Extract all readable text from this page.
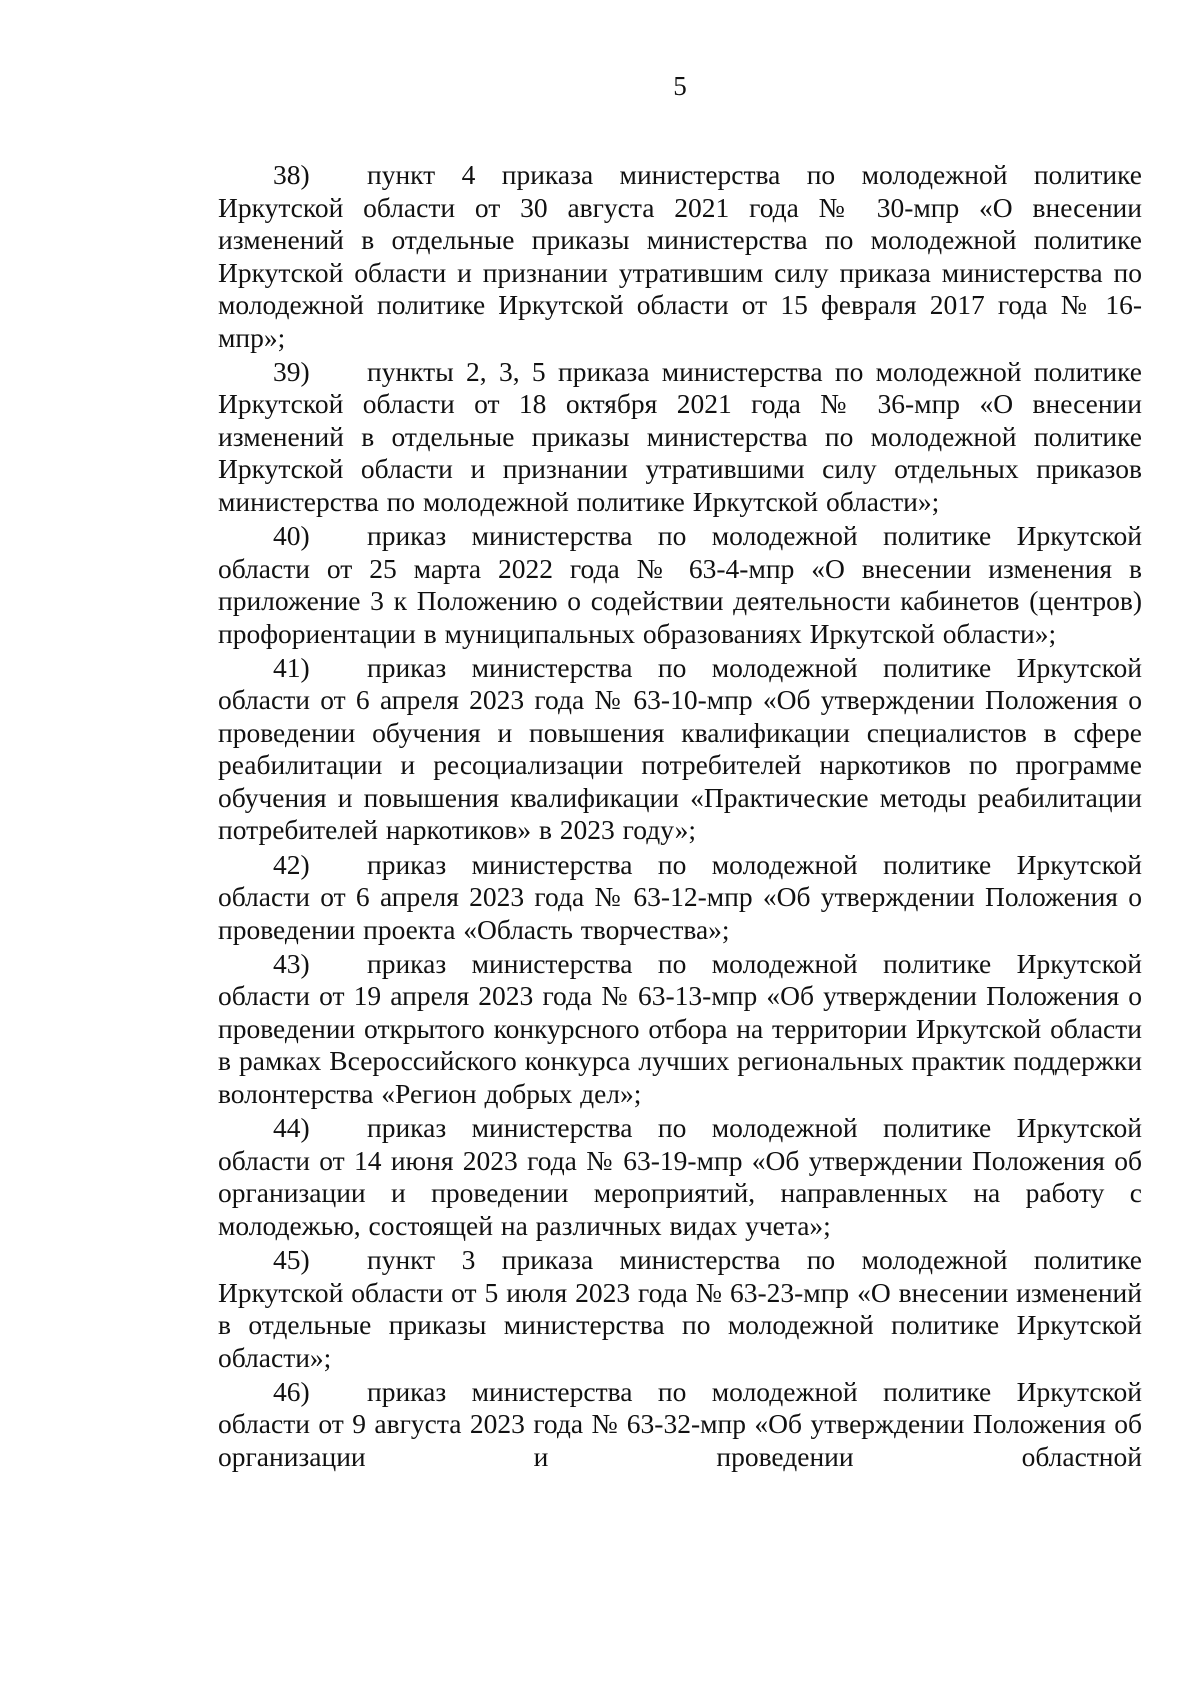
5

38) пункт 4 приказа министерства по молодежной политике Иркутской области от 30 августа 2021 года № 30-мпр «О внесении изменений в отдельные приказы министерства по молодежной политике Иркутской области и признании утратившим силу приказа министерства по молодежной политике Иркутской области от 15 февраля 2017 года № 16-мпр»;

39) пункты 2, 3, 5 приказа министерства по молодежной политике Иркутской области от 18 октября 2021 года № 36-мпр «О внесении изменений в отдельные приказы министерства по молодежной политике Иркутской области и признании утратившими силу отдельных приказов министерства по молодежной политике Иркутской области»;

40) приказ министерства по молодежной политике Иркутской области от 25 марта 2022 года № 63-4-мпр «О внесении изменения в приложение 3 к Положению о содействии деятельности кабинетов (центров) профориентации в муниципальных образованиях Иркутской области»;

41) приказ министерства по молодежной политике Иркутской области от 6 апреля 2023 года № 63-10-мпр «Об утверждении Положения о проведении обучения и повышения квалификации специалистов в сфере реабилитации и ресоциализации потребителей наркотиков по программе обучения и повышения квалификации «Практические методы реабилитации потребителей наркотиков» в 2023 году»;

42) приказ министерства по молодежной политике Иркутской области от 6 апреля 2023 года № 63-12-мпр «Об утверждении Положения о проведении проекта «Область творчества»;

43) приказ министерства по молодежной политике Иркутской области от 19 апреля 2023 года № 63-13-мпр «Об утверждении Положения о проведении открытого конкурсного отбора на территории Иркутской области в рамках Всероссийского конкурса лучших региональных практик поддержки волонтерства «Регион добрых дел»;

44) приказ министерства по молодежной политике Иркутской области от 14 июня 2023 года № 63-19-мпр «Об утверждении Положения об организации и проведении мероприятий, направленных на работу с молодежью, состоящей на различных видах учета»;

45) пункт 3 приказа министерства по молодежной политике Иркутской области от 5 июля 2023 года № 63-23-мпр «О внесении изменений в отдельные приказы министерства по молодежной политике Иркутской области»;

46) приказ министерства по молодежной политике Иркутской области от 9 августа 2023 года № 63-32-мпр «Об утверждении Положения об организации и проведении областной
